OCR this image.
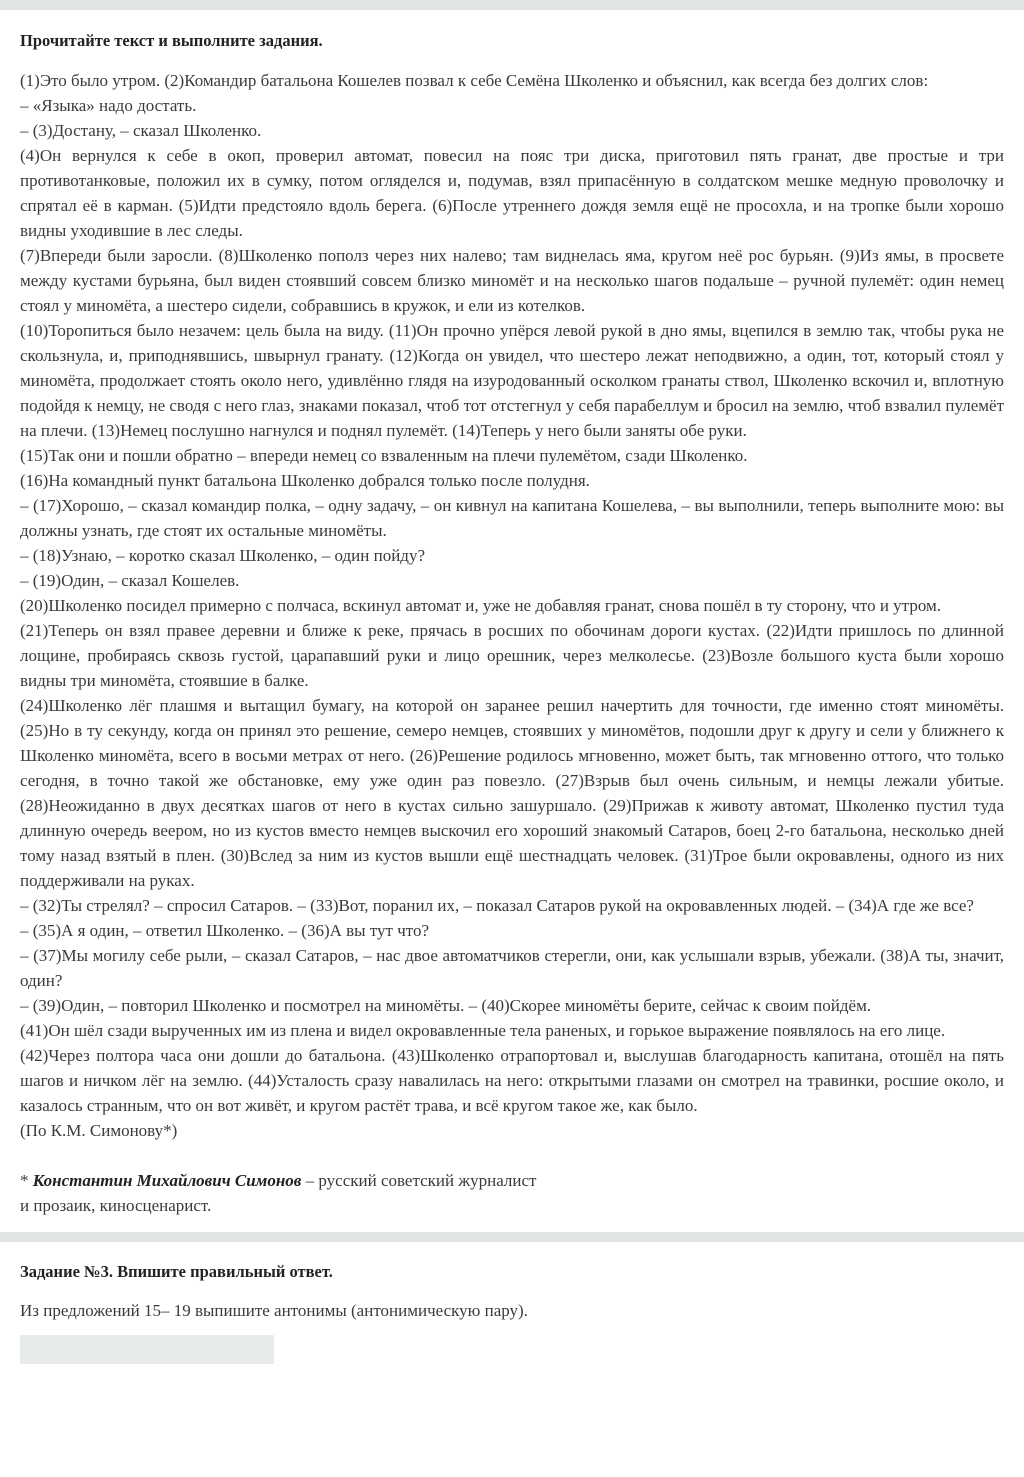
Прочитайте текст и выполните задания.

(1)Это было утром. (2)Командир батальона Кошелев позвал к себе Семёна Школенко и объяснил, как всегда без долгих слов:

– «Языка» надо достать.

– (3)Достану, – сказал Школенко.

(4)Он вернулся к себе в окоп, проверил автомат, повесил на пояс три диска, приготовил пять гранат, две простые и три противотанковые, положил их в сумку, потом огляделся и, подумав, взял припасённую в солдатском мешке медную проволочку и спрятал её в карман. (5)Идти предстояло вдоль берега. (6)После утреннего дождя земля ещё не просохла, и на тропке были хорошо видны уходившие в лес следы.

(7)Впереди были заросли. (8)Школенко пополз через них налево; там виднелась яма, кругом неё рос бурьян. (9)Из ямы, в просвете между кустами бурьяна, был виден стоявший совсем близко миномёт и на несколько шагов подальше – ручной пулемёт: один немец стоял у миномёта, а шестеро сидели, собравшись в кружок, и ели из котелков.

(10)Торопиться было незачем: цель была на виду. (11)Он прочно упёрся левой рукой в дно ямы, вцепился в землю так, чтобы рука не скользнула, и, приподнявшись, швырнул гранату. (12)Когда он увидел, что шестеро лежат неподвижно, а один, тот, который стоял у миномёта, продолжает стоять около него, удивлённо глядя на изуродованный осколком гранаты ствол, Школенко вскочил и, вплотную подойдя к немцу, не сводя с него глаз, знаками показал, чтоб тот отстегнул у себя парабеллум и бросил на землю, чтоб взвалил пулемёт на плечи. (13)Немец послушно нагнулся и поднял пулемёт. (14)Теперь у него были заняты обе руки.

(15)Так они и пошли обратно – впереди немец со взваленным на плечи пулемётом, сзади Школенко.

(16)На командный пункт батальона Школенко добрался только после полудня.

– (17)Хорошо, – сказал командир полка, – одну задачу, – он кивнул на капитана Кошелева, – вы выполнили, теперь выполните мою: вы должны узнать, где стоят их остальные миномёты.

– (18)Узнаю, – коротко сказал Школенко, – один пойду?

– (19)Один, – сказал Кошелев.

(20)Школенко посидел примерно с полчаса, вскинул автомат и, уже не добавляя гранат, снова пошёл в ту сторону, что и утром.

(21)Теперь он взял правее деревни и ближе к реке, прячась в росших по обочинам дороги кустах. (22)Идти пришлось по длинной лощине, пробираясь сквозь густой, царапавший руки и лицо орешник, через мелколесье. (23)Возле большого куста были хорошо видны три миномёта, стоявшие в балке.

(24)Школенко лёг плашмя и вытащил бумагу, на которой он заранее решил начертить для точности, где именно стоят миномёты. (25)Но в ту секунду, когда он принял это решение, семеро немцев, стоявших у миномётов, подошли друг к другу и сели у ближнего к Школенко миномёта, всего в восьми метрах от него. (26)Решение родилось мгновенно, может быть, так мгновенно оттого, что только сегодня, в точно такой же обстановке, ему уже один раз повезло. (27)Взрыв был очень сильным, и немцы лежали убитые. (28)Неожиданно в двух десятках шагов от него в кустах сильно зашуршало. (29)Прижав к животу автомат, Школенко пустил туда длинную очередь веером, но из кустов вместо немцев выскочил его хороший знакомый Сатаров, боец 2-го батальона, несколько дней тому назад взятый в плен. (30)Вслед за ним из кустов вышли ещё шестнадцать человек. (31)Трое были окровавлены, одного из них поддерживали на руках.

– (32)Ты стрелял? – спросил Сатаров. – (33)Вот, поранил их, – показал Сатаров рукой на окровавленных людей. – (34)А где же все?

– (35)А я один, – ответил Школенко. – (36)А вы тут что?

– (37)Мы могилу себе рыли, – сказал Сатаров, – нас двое автоматчиков стерегли, они, как услышали взрыв, убежали. (38)А ты, значит, один?

– (39)Один, – повторил Школенко и посмотрел на миномёты. – (40)Скорее миномёты берите, сейчас к своим пойдём.

(41)Он шёл сзади вырученных им из плена и видел окровавленные тела раненых, и горькое выражение появлялось на его лице.

(42)Через полтора часа они дошли до батальона. (43)Школенко отрапортовал и, выслушав благодарность капитана, отошёл на пять шагов и ничком лёг на землю. (44)Усталость сразу навалилась на него: открытыми глазами он смотрел на травинки, росшие около, и казалось странным, что он вот живёт, и кругом растёт трава, и всё кругом такое же, как было.

(По К.М. Симонову*)

* Константин Михайлович Симонов – русский советский журналист
и прозаик, киносценарист.
Задание №3. Впишите правильный ответ.

Из предложений 15– 19 выпишите антонимы (антонимическую пару).
